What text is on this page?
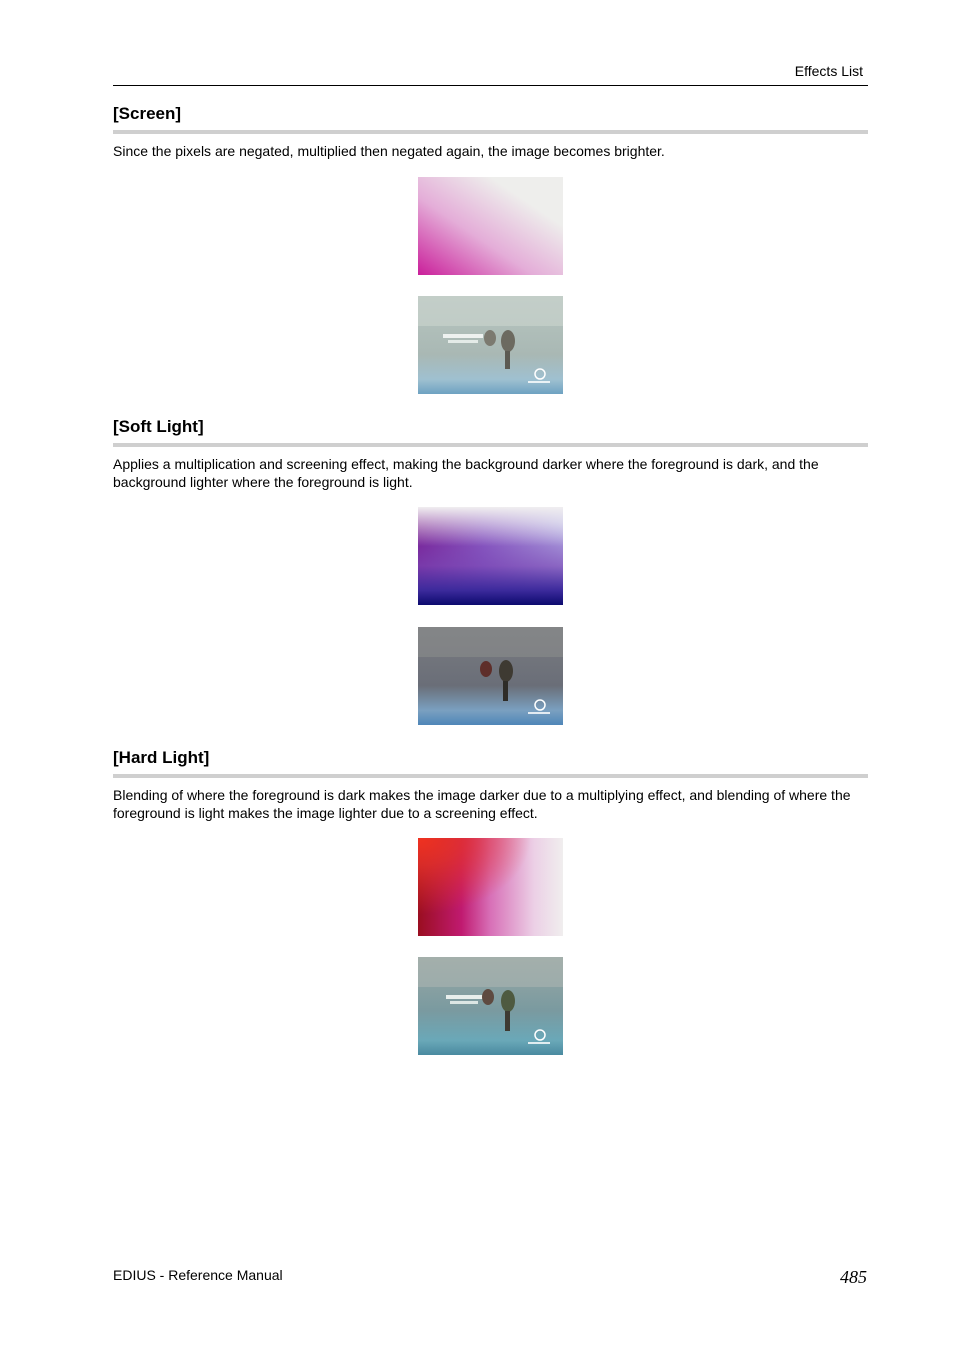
Effects List
[Screen]

Since the pixels are negated, multiplied then negated again, the image becomes brighter.

[Soft Light]

Applies a multiplication and screening effect, making the background darker where the foreground is dark, and the background lighter where the foreground is light.

[Hard Light]

Blending of where the foreground is dark makes the image darker due to a multiplying effect, and blending of where the foreground is light makes the image lighter due to a screening effect.

EDIUS - Reference Manual	485
